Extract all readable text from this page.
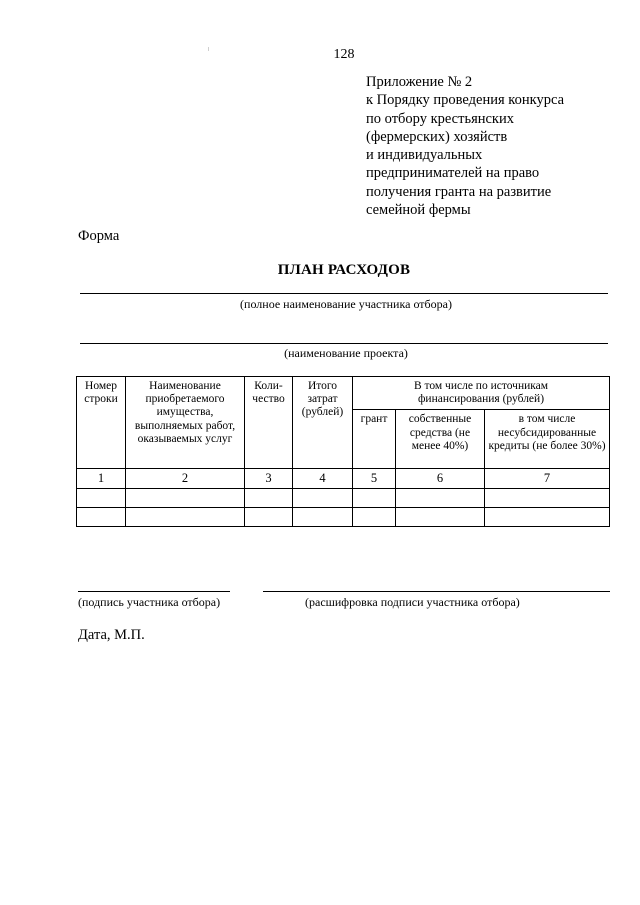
128
Приложение № 2
к Порядку проведения конкурса
по отбору крестьянских
(фермерских) хозяйств
и индивидуальных
предпринимателей на право
получения гранта на развитие
семейной фермы
Форма
ПЛАН РАСХОДОВ
(полное наименование участника отбора)
(наименование проекта)
Номер строки	Наименование приобретаемого имущества, выполняемых работ, оказываемых услуг	Коли-чество	Итого затрат (рублей)	В том числе по источникам финансирования (рублей)		
				грант	собственные средства (не менее 40%)	в том числе несубсидированные кредиты (не более 30%)
1	2	3	4	5	6	7

(подпись участника отбора)	(расшифровка подписи участника отбора)
Дата, М.П.
